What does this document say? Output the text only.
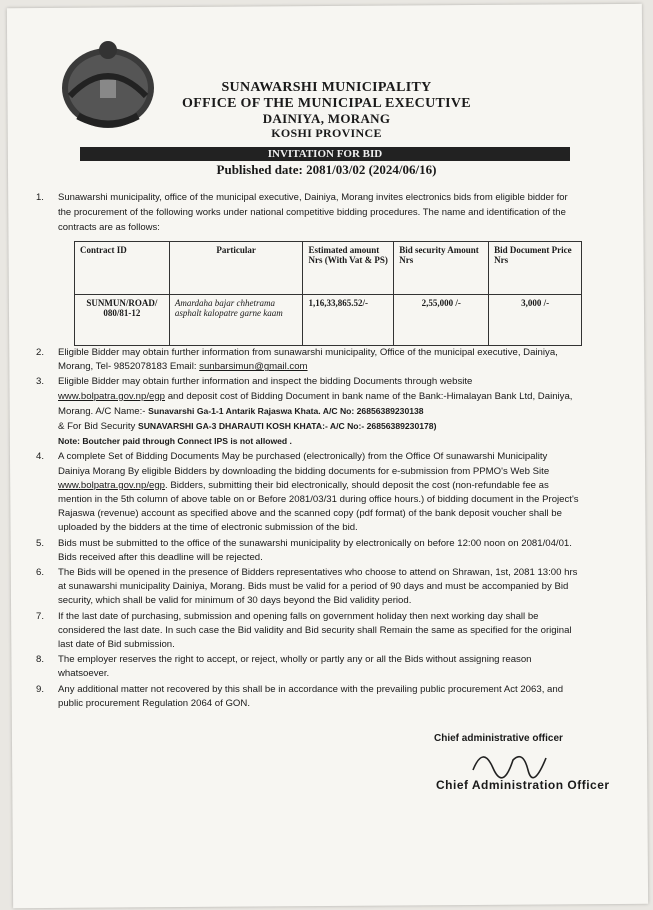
SUNAWARSHI MUNICIPALITY
OFFICE OF THE MUNICIPAL EXECUTIVE
DAINIYA, MORANG
KOSHI PROVINCE
INVITATION FOR BID
Published date: 2081/03/02 (2024/06/16)
1. Sunawarshi municipality, office of the municipal executive, Dainiya, Morang invites electronics bids from eligible bidder for the procurement of the following works under national competitive bidding procedures. The name and identification of the contracts are as follows:
Contract ID	Particular	Estimated amount Nrs (With Vat & PS)	Bid security Amount Nrs	Bid Document Price Nrs
SUNMUN/ROAD/ 080/81-12	Amardaha bajar chhetrama asphalt kalopatre garne kaam	1,16,33,865.52/-	2,55,000 /-	3,000 /-
2. Eligible Bidder may obtain further information from sunawarshi municipality, Office of the municipal executive, Dainiya, Morang, Tel- 9852078183 Email: sunbarsimun@gmail.com
3. Eligible Bidder may obtain further information and inspect the bidding Documents through website www.bolpatra.gov.np/egp and deposit cost of Bidding Document in bank name of the Bank:-Himalayan Bank Ltd, Dainiya, Morang. A/C Name:- Sunavarshi Ga-1-1 Antarik Rajaswa Khata. A/C No: 26856389230138
& For Bid Security SUNAVARSHI GA-3 DHARAUTI KOSH KHATA:- A/C No:- 26856389230178)
Note: Boutcher paid through Connect IPS is not allowed .
4. A complete Set of Bidding Documents May be purchased (electronically) from the Office Of sunawarshi Municipality Dainiya Morang By eligible Bidders by downloading the bidding documents for e-submission from PPMO's Web Site www.bolpatra.gov.np/egp. Bidders, submitting their bid electronically, should deposit the cost (non-refundable fee as mention in the 5th column of above table on or Before 2081/03/31 during office hours.) of bidding document in the Project's Rajaswa (revenue) account as specified above and the scanned copy (pdf format) of the bank deposit voucher shall be uploaded by the bidders at the time of electronic submission of the bid.
5. Bids must be submitted to the office of the sunawarshi municipality by electronically on before 12:00 noon on 2081/04/01. Bids received after this deadline will be rejected.
6. The Bids will be opened in the presence of Bidders representatives who choose to attend on Shrawan, 1st, 2081 13:00 hrs at sunawarshi municipality Dainiya, Morang. Bids must be valid for a period of 90 days and must be accompanied by Bid security, which shall be valid for minimum of 30 days beyond the Bid validity period.
7. If the last date of purchasing, submission and opening falls on government holiday then next working day shall be considered the last date. In such case the Bid validity and Bid security shall Remain the same as specified for the original last date of Bid submission.
8. The employer reserves the right to accept, or reject, wholly or partly any or all the Bids without assigning reason whatsoever.
9. Any additional matter not recovered by this shall be in accordance with the prevailing public procurement Act 2063, and public procurement Regulation 2064 of GON.
Chief administrative officer
Chief Administration Officer
